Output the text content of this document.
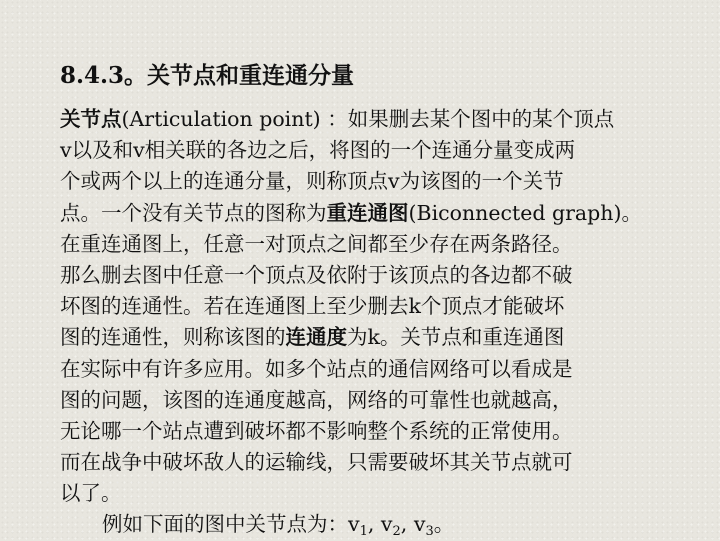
8.4.3。关节点和重连通分量
关节点(Articulation point) ：如果删去某个图中的某个顶点
v以及和v相关联的各边之后，将图的一个连通分量变成两
个或两个以上的连通分量，则称顶点v为该图的一个关节
点。一个没有关节点的图称为重连通图(Biconnected graph)。
在重连通图上，任意一对顶点之间都至少存在两条路径。
那么删去图中任意一个顶点及依附于该顶点的各边都不破
坏图的连通性。若在连通图上至少删去k个顶点才能破坏
图的连通性，则称该图的连通度为k。关节点和重连通图
在实际中有许多应用。如多个站点的通信网络可以看成是
图的问题，该图的连通度越高，网络的可靠性也就越高，
无论哪一个站点遭到破坏都不影响整个系统的正常使用。
而在战争中破坏敌人的运输线，只需要破坏其关节点就可
以了。
例如下面的图中关节点为：$v_1$, $v_2$, $v_3$。
